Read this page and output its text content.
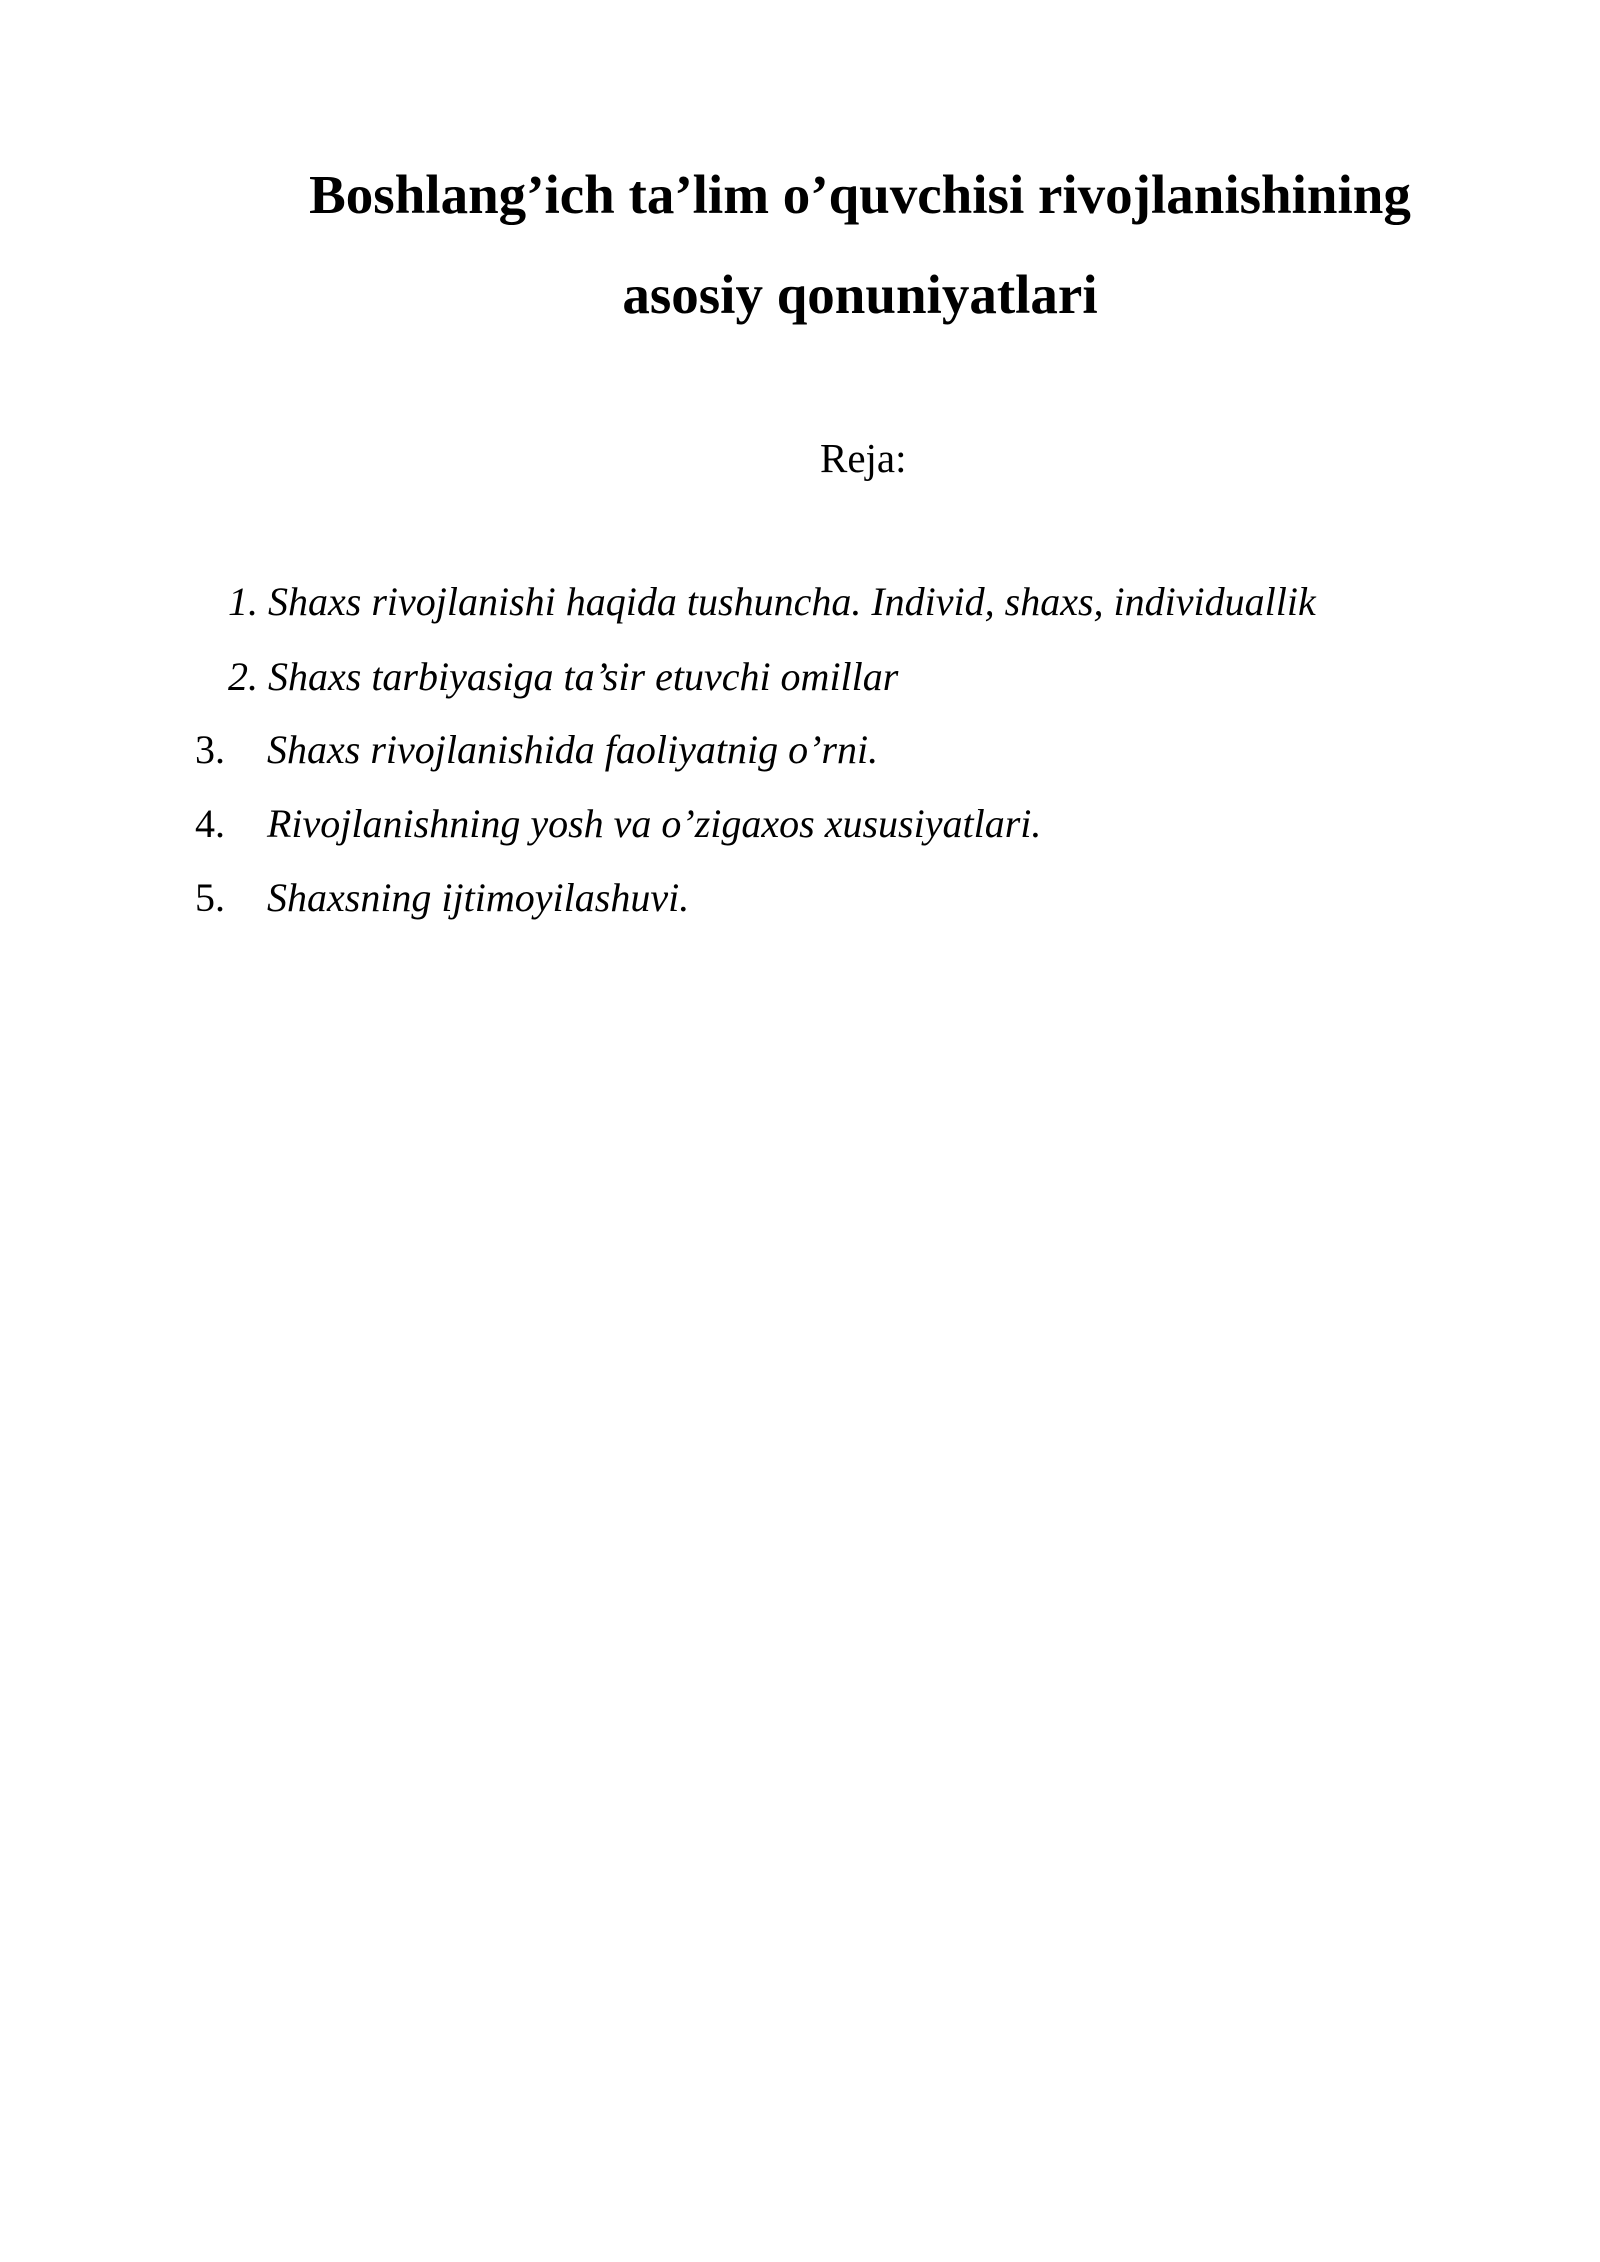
Boshlang’ich ta’lim o’quvchisi rivojlanishining
asosiy qonuniyatlari

Reja:

1. Shaxs rivojlanishi haqida tushuncha. Individ, shaxs, individuallik
2. Shaxs tarbiyasiga ta’sir etuvchi omillar
3. Shaxs rivojlanishida faoliyatnig o’rni.
4. Rivojlanishning yosh va o’zigaxos xususiyatlari.
5. Shaxsning ijtimoyilashuvi.
